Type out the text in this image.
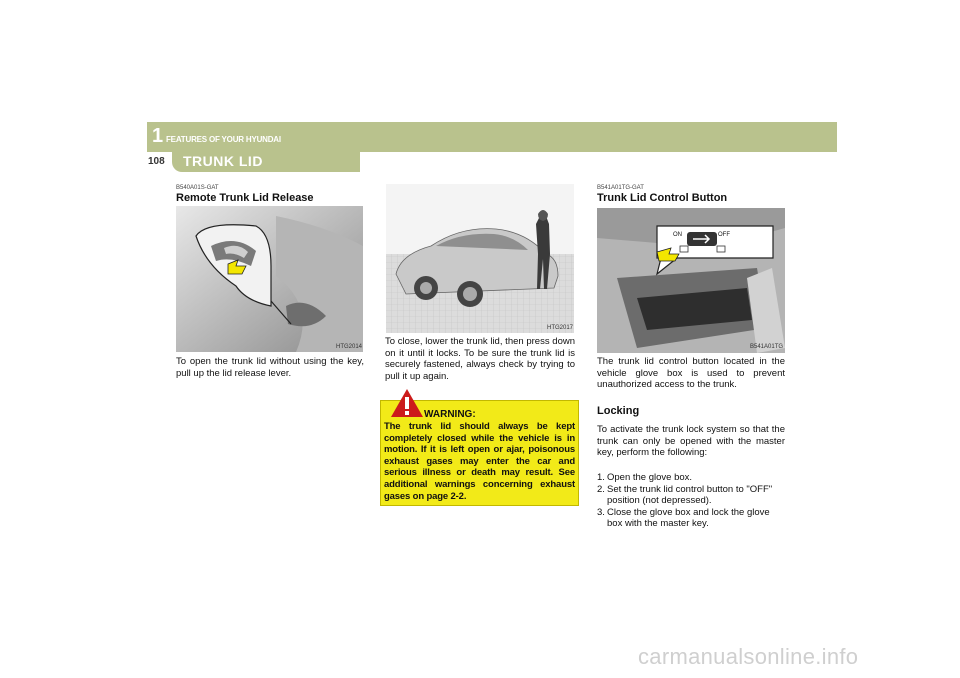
1 FEATURES OF YOUR HYUNDAI
108 TRUNK LID
B540A01S-GAT
Remote Trunk Lid Release
HTG2014

To open the trunk lid without using the key, pull up the lid release lever.

HTG2017

To close, lower the trunk lid, then press down on it until it locks. To be sure the trunk lid is securely fastened, always check by trying to pull it up again.

WARNING:

The trunk lid should always be kept completely closed while the vehicle is in motion. If it is left open or ajar, poisonous exhaust gases may enter the car and serious illness or death may result. See additional warnings concerning exhaust gases on page 2-2.

B541A01TG-GAT
Trunk Lid Control Button
ON	OFF
B541A01TG

The trunk lid control button located in the vehicle glove box is used to prevent unauthorized access to the trunk.

Locking

To activate the trunk lock system so that the trunk can only be opened with the master key, perform the following:

1. Open the glove box.
2. Set the trunk lid control button to "OFF" position (not depressed).
3. Close the glove box and lock the glove box with the master key.
carmanualsonline.info
